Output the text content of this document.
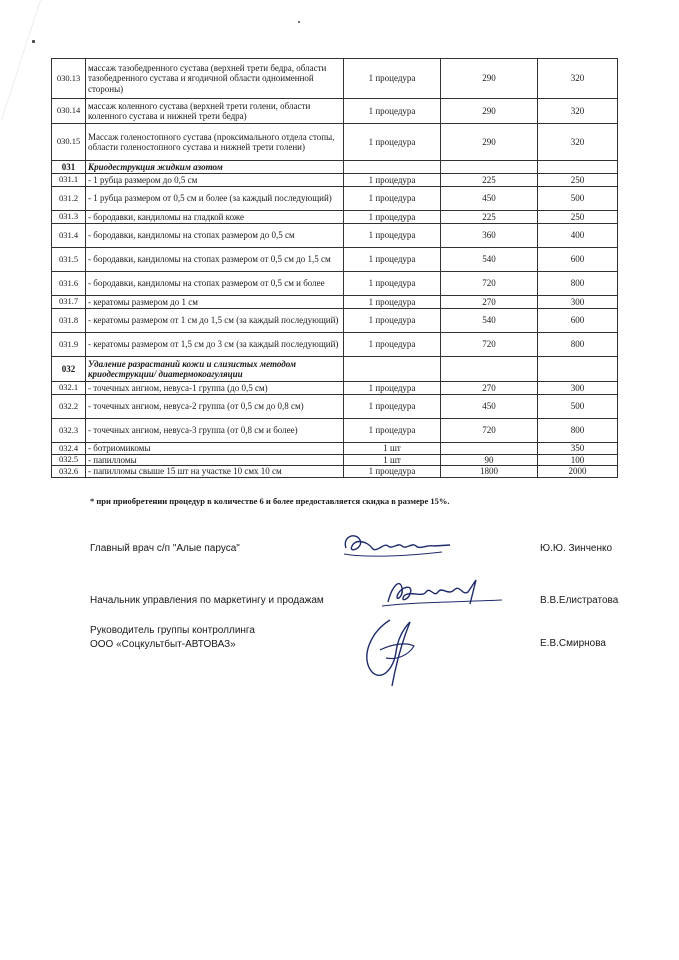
030.13	массаж тазобедренного сустава (верхней трети бедра, области тазобедренного сустава и ягодичной области одноименной стороны)	1 процедура	290	320
030.14	массаж коленного сустава (верхней трети голени, области коленного сустава и нижней трети бедра)	1 процедура	290	320
030.15	Массаж голеностопного сустава (проксимального отдела стопы, области голеностопного сустава и нижней трети голени)	1 процедура	290	320
031	Криодеструкция жидким азотом			
031.1	- 1 рубца размером до 0,5 см	1 процедура	225	250
031.2	- 1 рубца размером от 0,5 см и более (за каждый последующий)	1 процедура	450	500
031.3	- бородавки, кандиломы на гладкой коже	1 процедура	225	250
031.4	- бородавки, кандиломы на стопах размером до 0,5 см	1 процедура	360	400
031.5	- бородавки, кандиломы на стопах размером от 0,5 см до 1,5 см	1 процедура	540	600
031.6	- бородавки, кандиломы на стопах размером от 0,5 см и более	1 процедура	720	800
031.7	- кератомы размером до 1 см	1 процедура	270	300
031.8	- кератомы размером от 1 см до 1,5 см (за каждый последующий)	1 процедура	540	600
031.9	- кератомы размером от 1,5 см до 3 см (за каждый последующий)	1 процедура	720	800
032	Удаление разрастаний кожи и слизистых методом криодеструкции/ диатермокоагуляции			
032.1	- точечных ангиом, невуса-1 группа (до 0,5 см)	1 процедура	270	300
032.2	- точечных ангиом, невуса-2 группа (от 0,5 см до 0,8 см)	1 процедура	450	500
032.3	- точечных ангиом, невуса-3 группа (от 0,8 см и более)	1 процедура	720	800
032.4	- ботриомикомы	1 шт		350
032.5	- папилломы	1 шт	90	100
032.6	- папилломы свыше 15 шт на участке 10 смх 10 см	1 процедура	1800	2000
* при приобретении процедур в количестве 6 и более предоставляется скидка в размере 15%.
Главный врач с/п "Алые паруса"	Ю.Ю. Зинченко
Начальник управления по маркетингу и продажам	В.В.Елистратова
Руководитель группы контроллинга
ООО «Соцкультбыт-АВТОВАЗ»	Е.В.Смирнова
